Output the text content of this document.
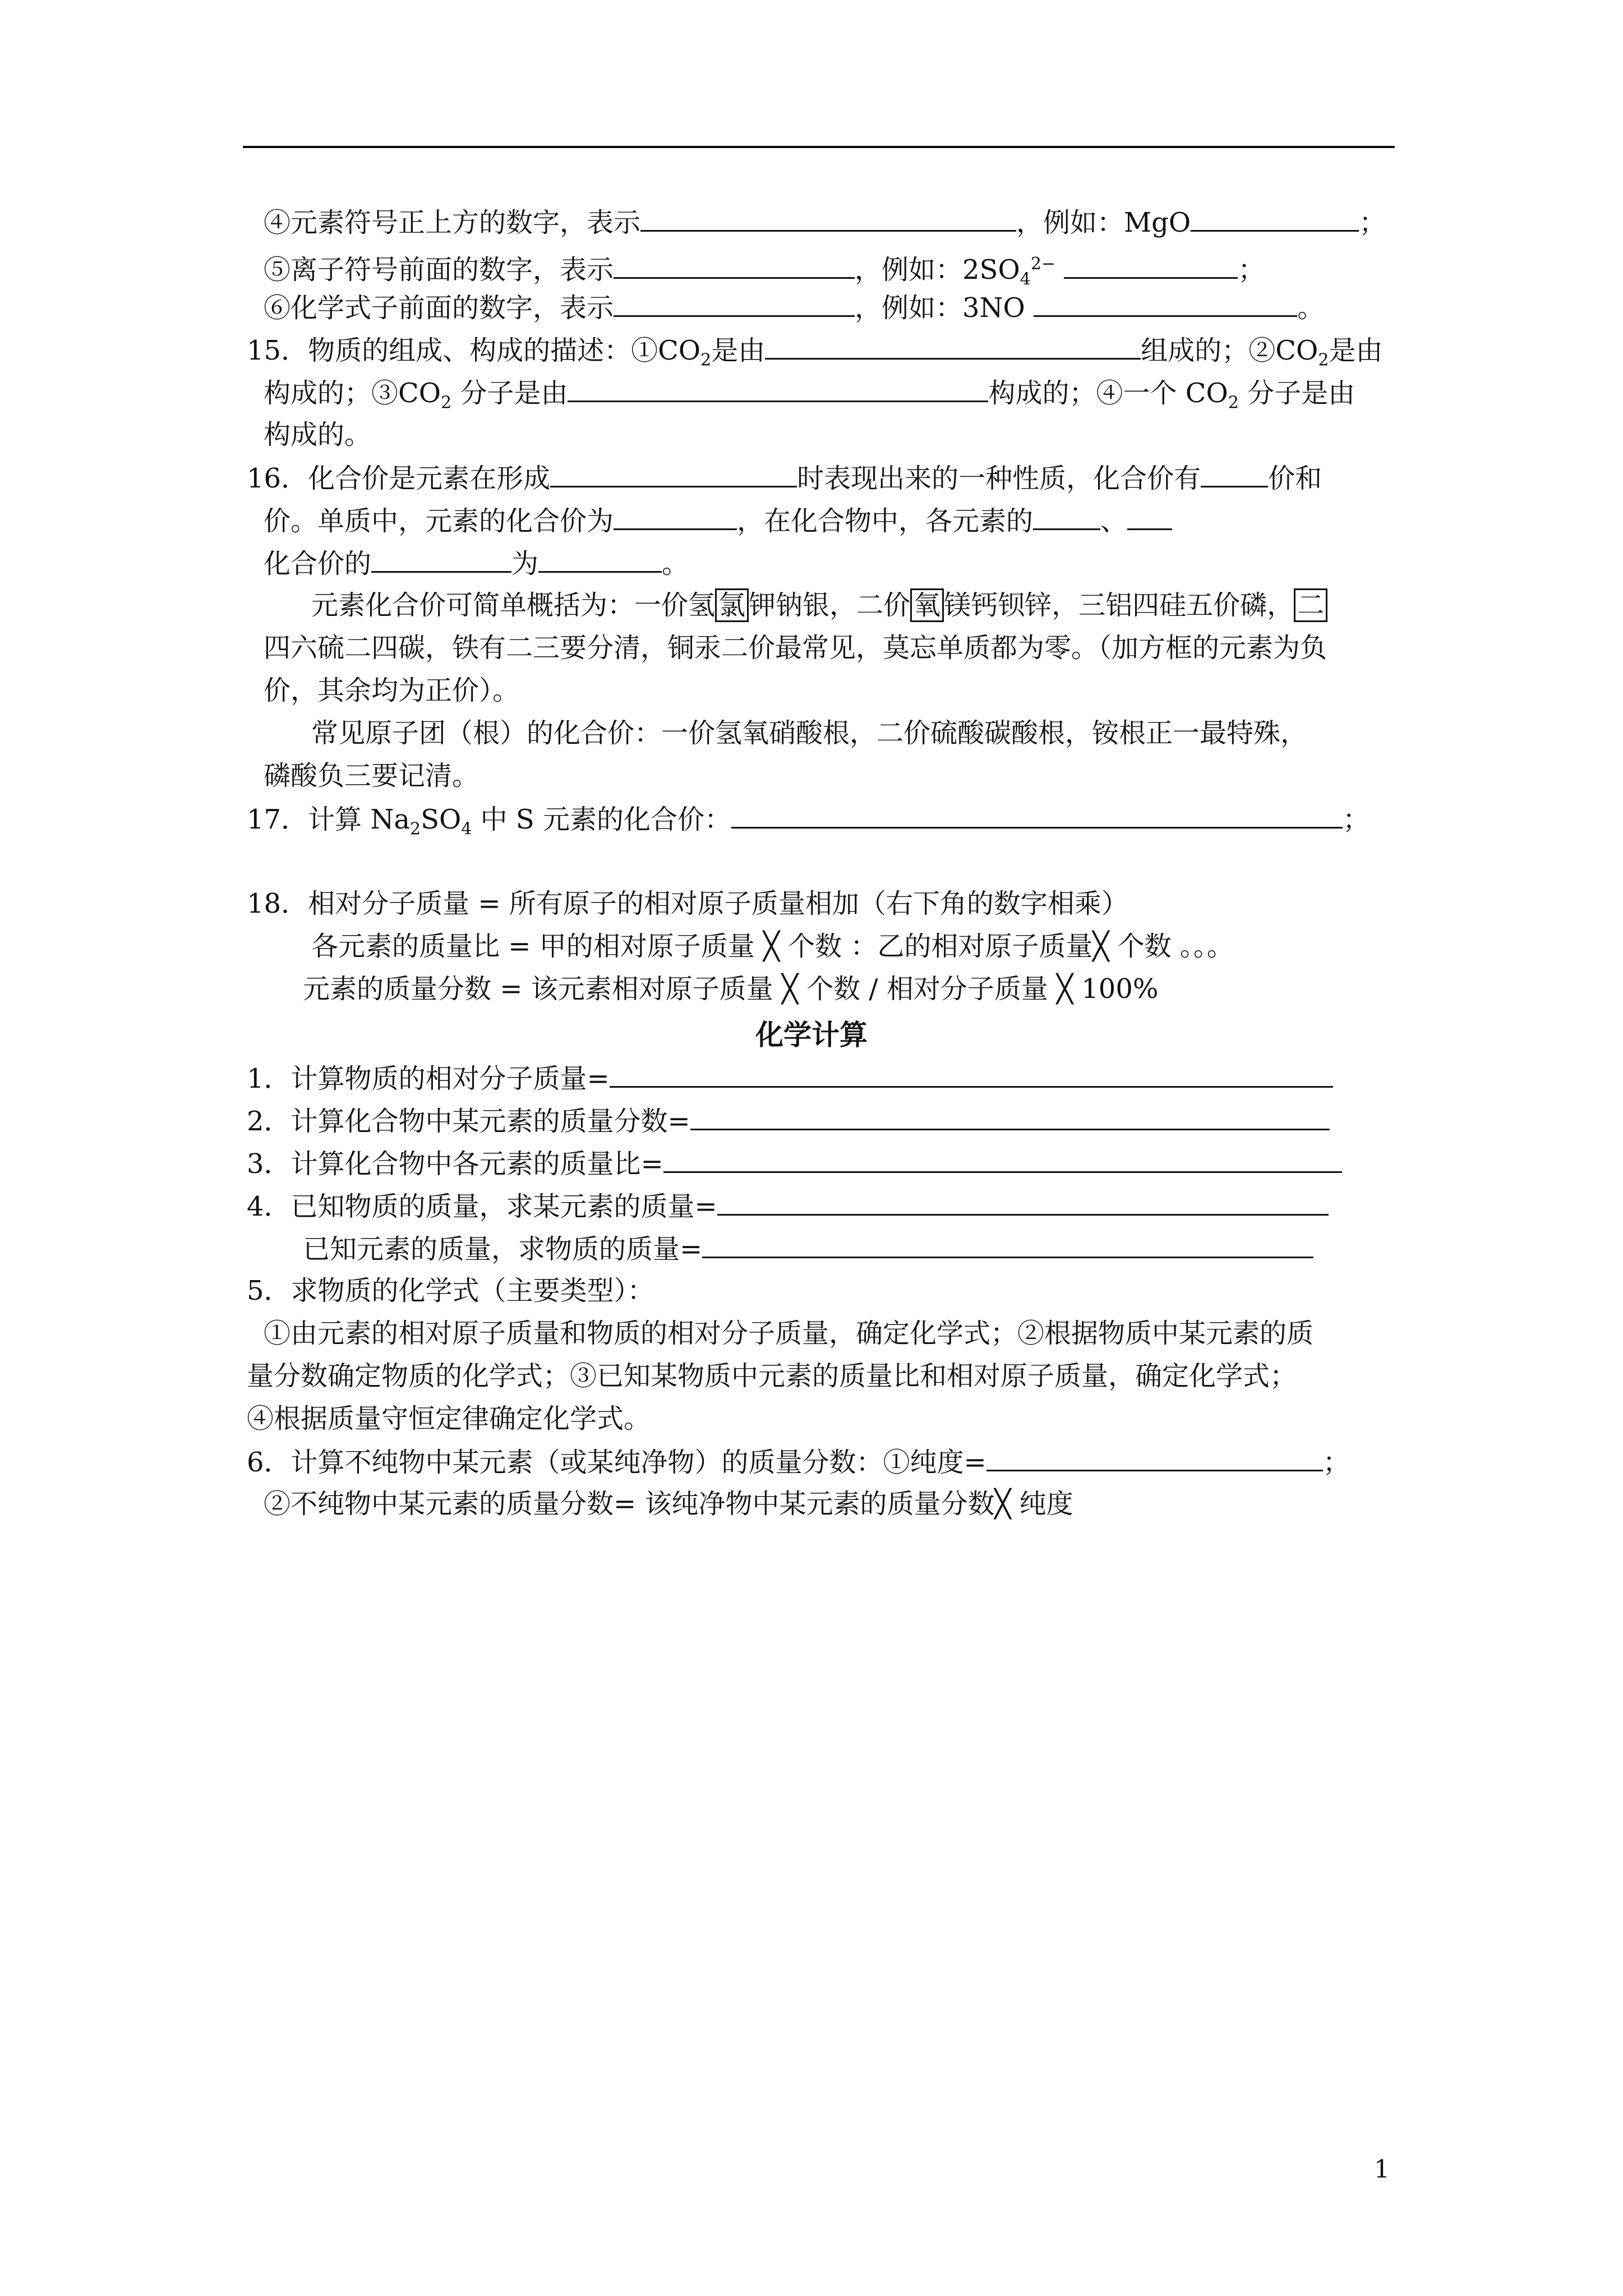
④元素符号正上方的数字，表示	，例如：MgO	；
⑤离子符号前面的数字，表示	，例如：$2SO_4^{2-}$	；
⑥化学式子前面的数字，表示	，例如：3NO	。
15．物质的组成、构成的描述：$①CO_2$是由	组成的；$②CO_2$是由
构成的；$③CO_2$ 分子是由	构成的；④一个 $CO_2$ 分子是由
构成的。
16．化合价是元素在形成	时表现出来的一种性质，化合价有	价和
价。单质中，元素的化合价为	，在化合物中，各元素的	、
化合价的	为	。
元素化合价可简单概括为：一价氢 氯 钾钠银，二价 氧 镁钙钡锌，三铝四硅五价磷， 二
四六硫二四碳，铁有二三要分清，铜汞二价最常见，莫忘单质都为零。（加方框的元素为负
价，其余均为正价）。
常见原子团（根）的化合价：一价氢氧硝酸根，二价硫酸碳酸根，铵根正一最特殊，
磷酸负三要记清。
17．计算 $Na_2SO_4$ 中 S 元素的化合价：	；
18．相对分子质量 = 所有原子的相对原子质量相加（右下角的数字相乘）
各元素的质量比 = 甲的相对原子质量 ╳ 个数 ：乙的相对原子质量╳ 个数 。。。
元素的质量分数 = 该元素相对原子质量 ╳ 个数 / 相对分子质量 ╳ 100%
化学计算
1．计算物质的相对分子质量=
2．计算化合物中某元素的质量分数=
3．计算化合物中各元素的质量比=
4．已知物质的质量，求某元素的质量=
已知元素的质量，求物质的质量=
5．求物质的化学式（主要类型）：
①由元素的相对原子质量和物质的相对分子质量，确定化学式；②根据物质中某元素的质
量分数确定物质的化学式；③已知某物质中元素的质量比和相对原子质量，确定化学式；
④根据质量守恒定律确定化学式。
6．计算不纯物中某元素（或某纯净物）的质量分数：①纯度=	；
②不纯物中某元素的质量分数= 该纯净物中某元素的质量分数╳ 纯度
1
